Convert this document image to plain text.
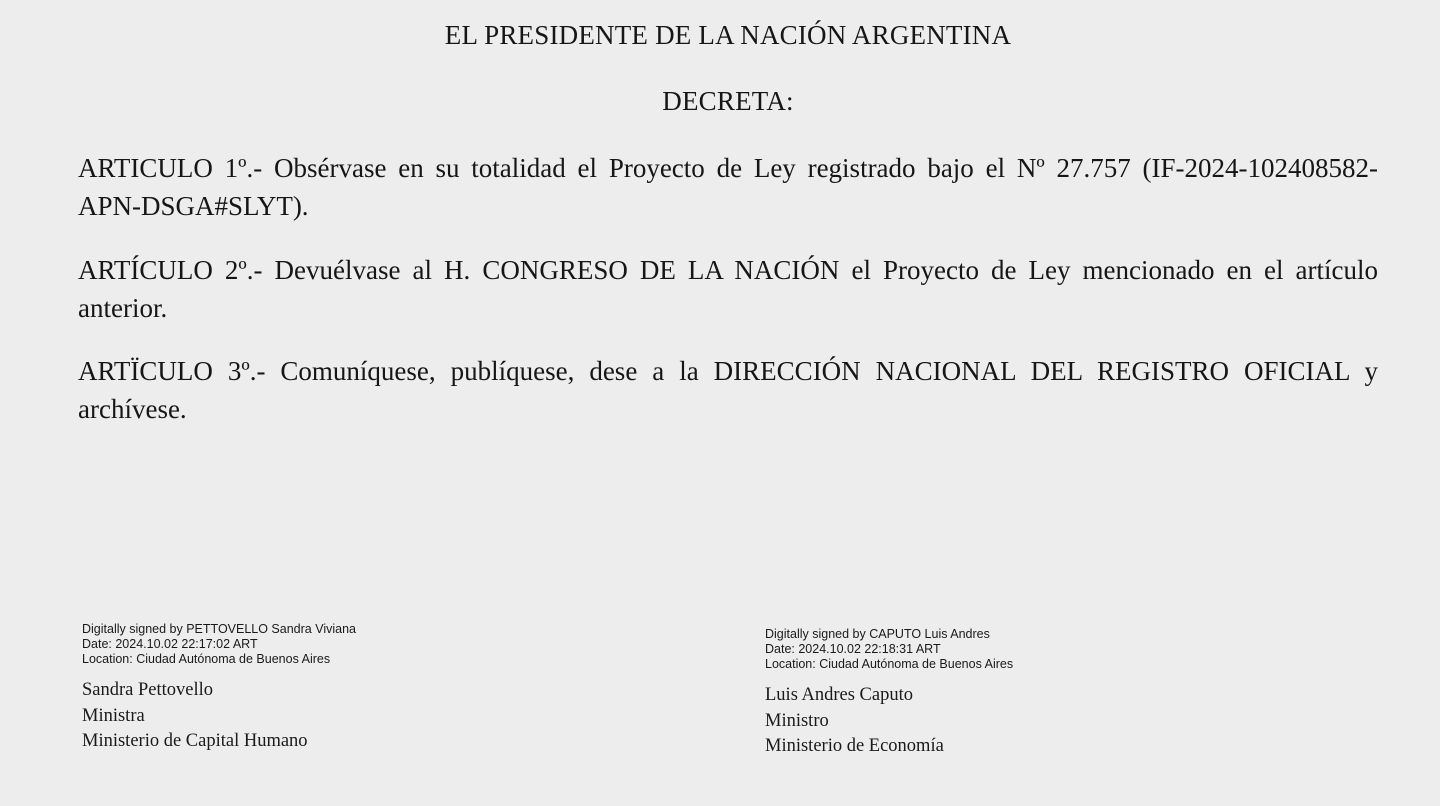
EL PRESIDENTE DE LA NACIÓN ARGENTINA
DECRETA:
ARTICULO 1º.- Obsérvase en su totalidad el Proyecto de Ley registrado bajo el Nº 27.757 (IF-2024-102408582-
APN-DSGA#SLYT).
ARTÍCULO 2º.- Devuélvase al H. CONGRESO DE LA NACIÓN el Proyecto de Ley mencionado en el artículo
anterior.
ARTÏCULO 3º.- Comuníquese, publíquese, dese a la DIRECCIÓN NACIONAL DEL REGISTRO OFICIAL y
archívese.
Digitally signed by PETTOVELLO Sandra Viviana
Date: 2024.10.02 22:17:02 ART
Location: Ciudad Autónoma de Buenos Aires
Sandra Pettovello
Ministra
Ministerio de Capital Humano
Digitally signed by CAPUTO Luis Andres
Date: 2024.10.02 22:18:31 ART
Location: Ciudad Autónoma de Buenos Aires
Luis Andres Caputo
Ministro
Ministerio de Economía
